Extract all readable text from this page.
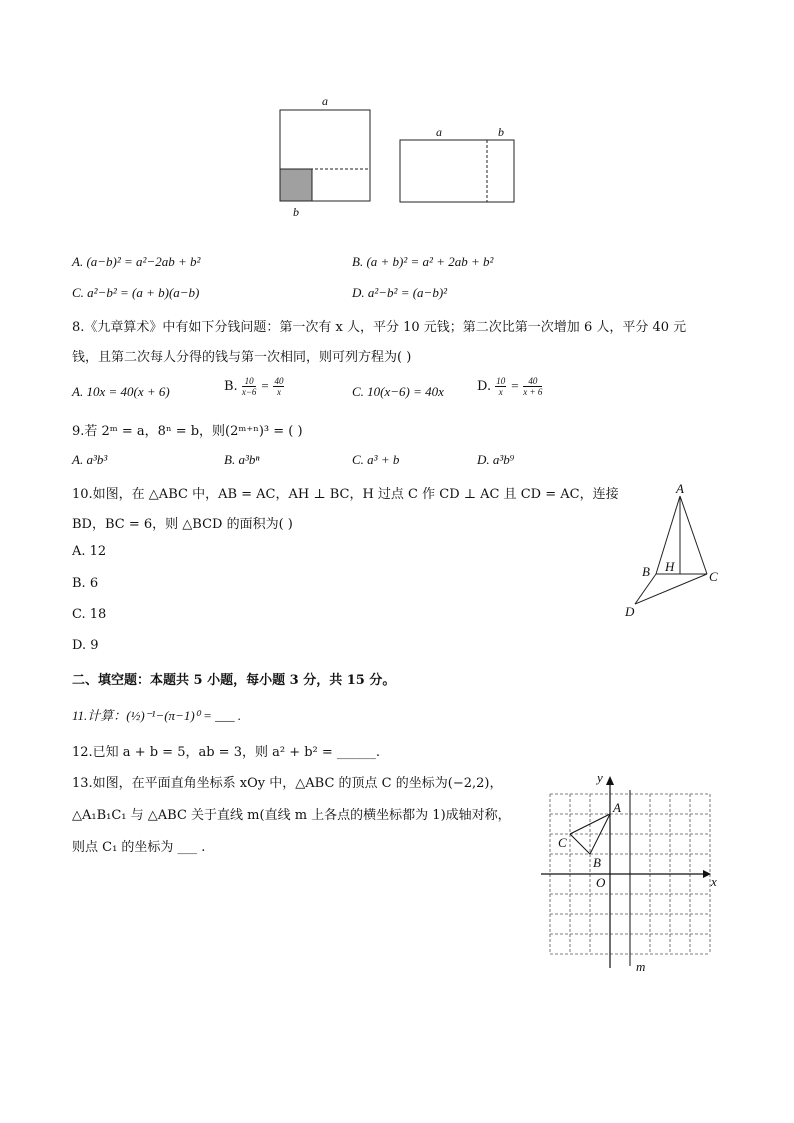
a
b
a	b
A. (a−b)² = a²−2ab + b²	B. (a + b)² = a² + 2ab + b²
C. a²−b² = (a + b)(a−b)	D. a²−b² = (a−b)²
8.《九章算术》中有如下分钱问题：第一次有 x 人，平分 10 元钱；第二次比第一次增加 6 人，平分 40 元
钱，且第二次每人分得的钱与第一次相同，则可列方程为( )
A. 10x = 40(x + 6)	B. $\frac{10}{x-6} = \frac{40}{x}$	C. 10(x−6) = 40x	D. $\frac{10}{x} = \frac{40}{x + 6}$
9.若 2ᵐ = a，8ⁿ = b，则(2ᵐ⁺ⁿ)³ = ( )
A. a³b³	B. a³bⁿ	C. a³ + b	D. a³b⁹
10.如图，在 △ABC 中，AB = AC，AH ⊥ BC，H 过点 C 作 CD ⊥ AC 且 CD = AC，连接
BD，BC = 6，则 △BCD 的面积为( )
A. 12
B. 6
C. 18
D. 9
A
B H
C
D
二、填空题：本题共 5 小题，每小题 3 分，共 15 分。
11.计算：(½)⁻¹−(π−1)⁰ = ___ .
12.已知 a + b = 5，ab = 3，则 a² + b² = ______.
13.如图，在平面直角坐标系 xOy 中，△ABC 的顶点 C 的坐标为(−2,2)，
△A₁B₁C₁ 与 △ABC 关于直线 m(直线 m 上各点的横坐标都为 1)成轴对称，
则点 C₁ 的坐标为 ___ .
y
x
O
A
B
C
m
